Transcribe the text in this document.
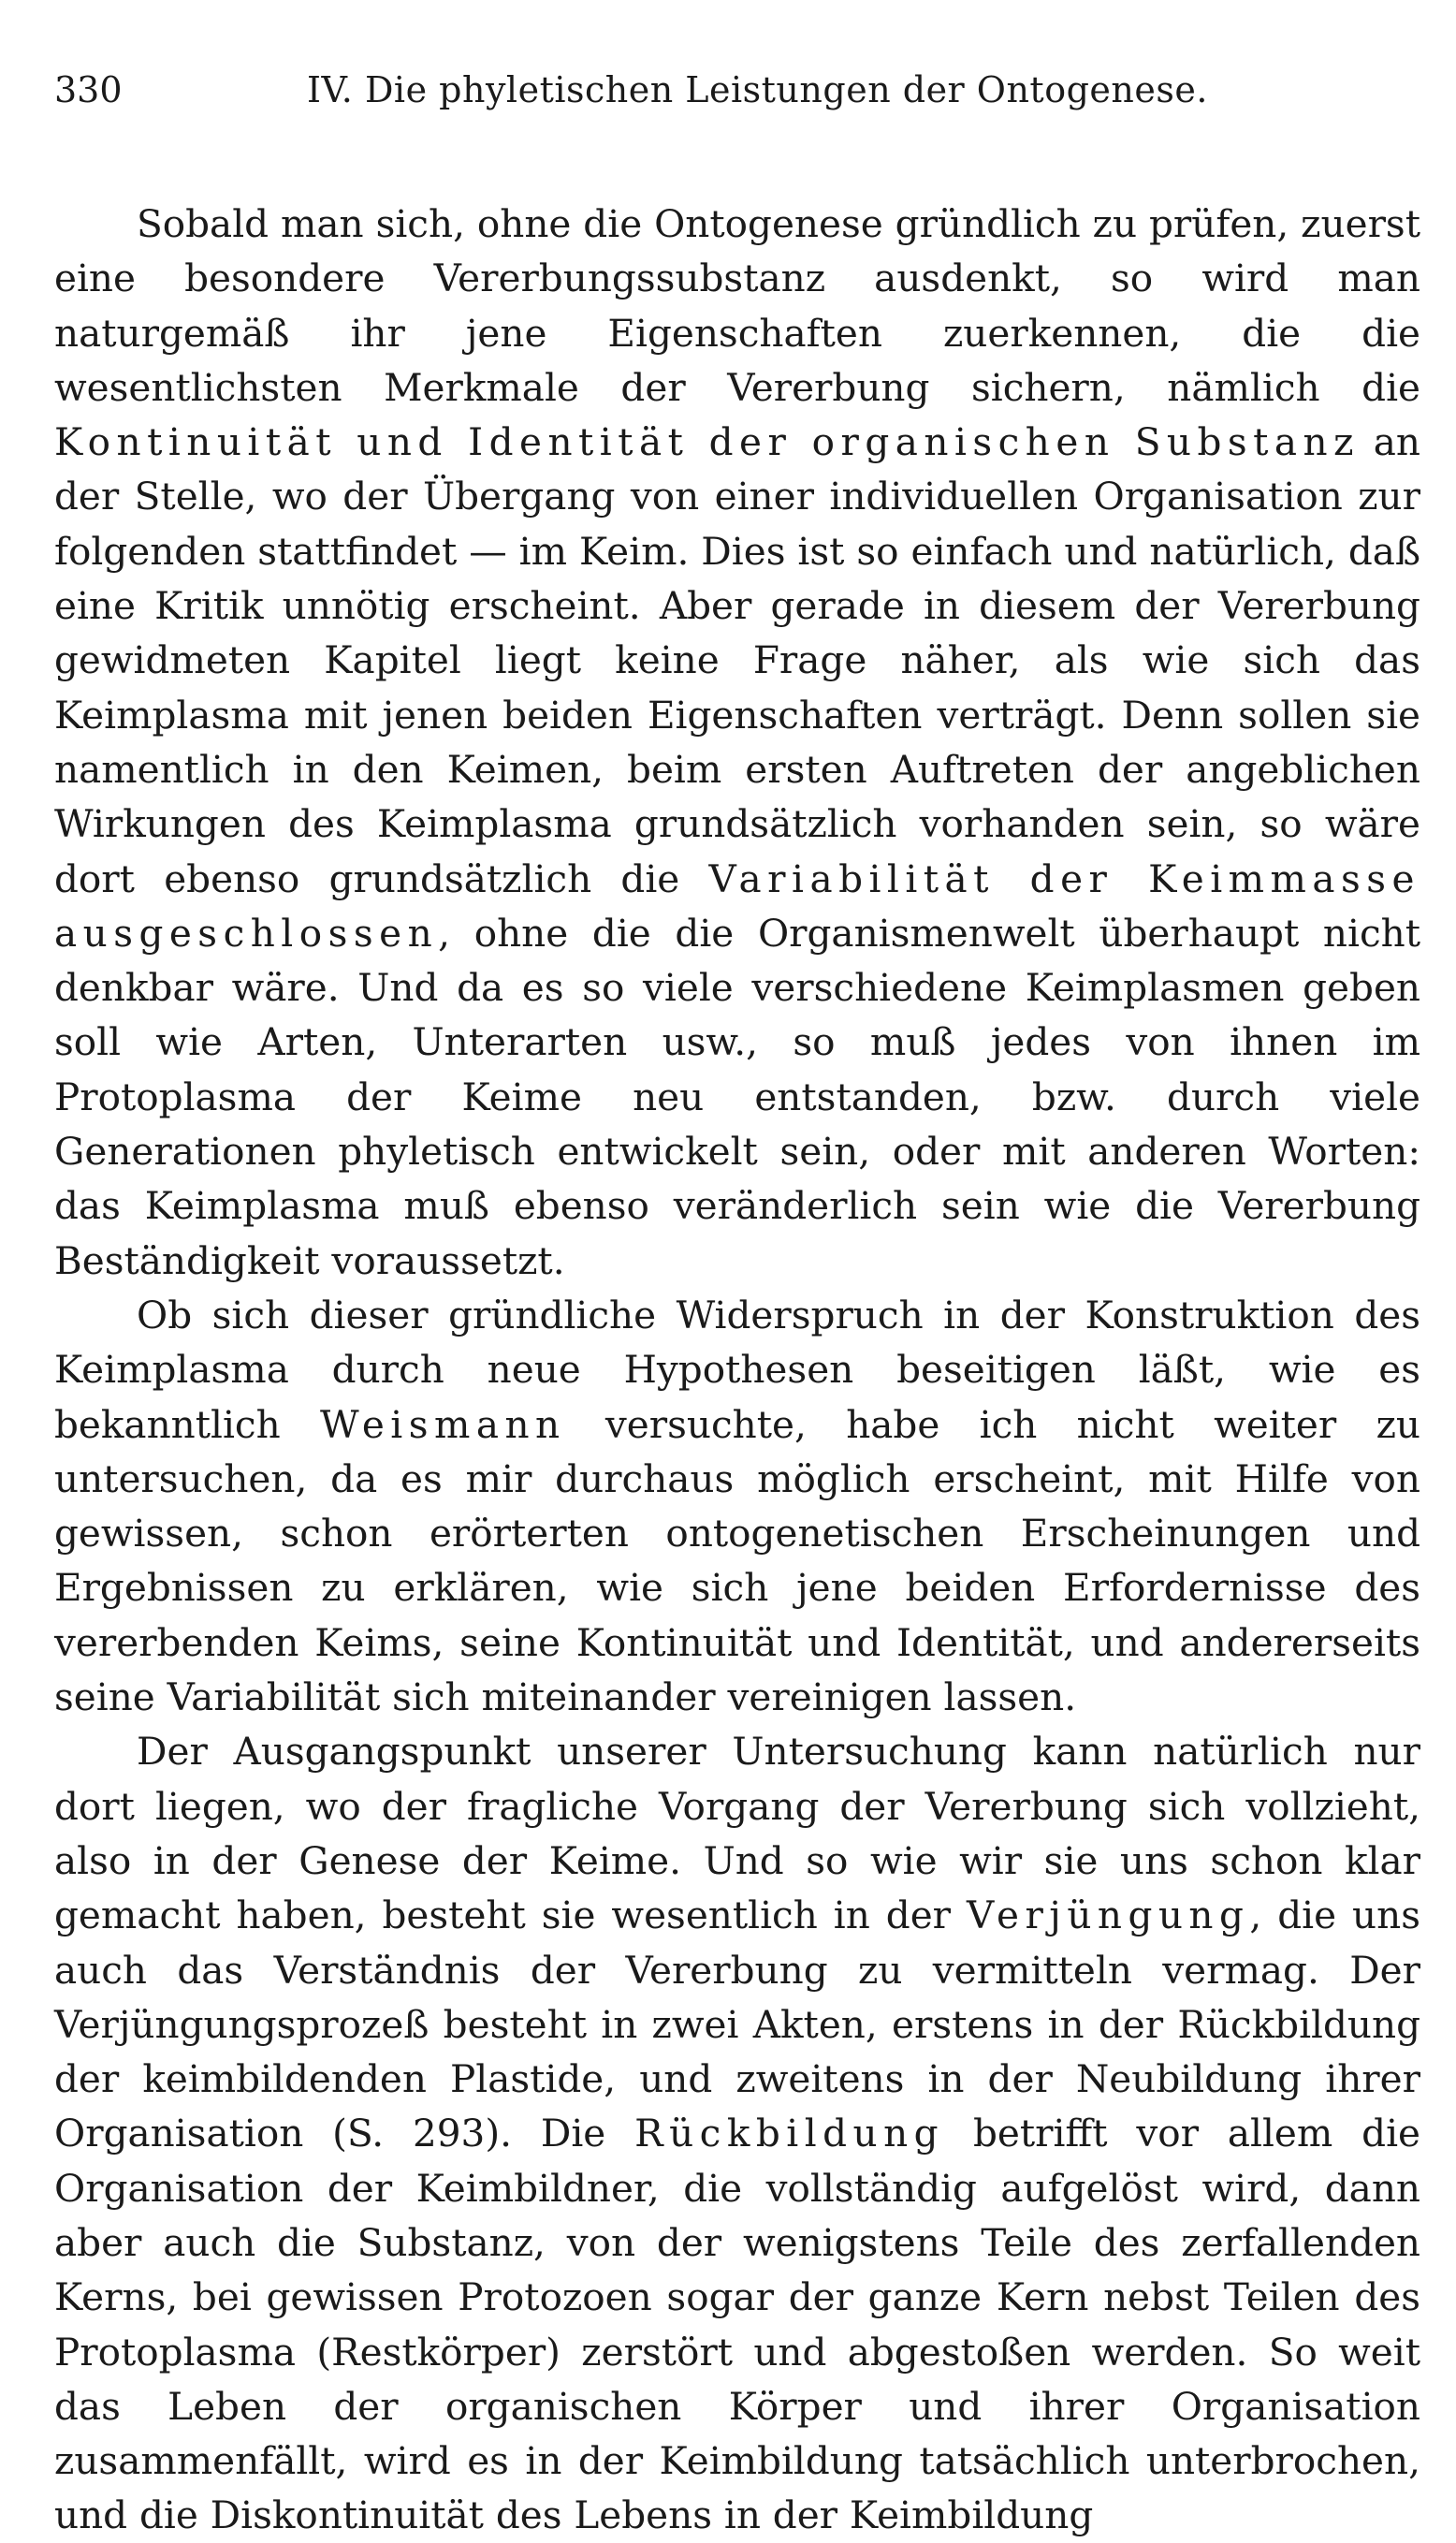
330	IV. Die phyletischen Leistungen der Ontogenese.

Sobald man sich, ohne die Ontogenese gründlich zu prüfen, zuerst eine besondere Vererbungssubstanz ausdenkt, so wird man naturgemäß ihr jene Eigenschaften zuerkennen, die die wesentlichsten Merkmale der Vererbung sichern, nämlich die Kontinuität und Identität der organischen Substanz an der Stelle, wo der Übergang von einer individuellen Organisation zur folgenden stattfindet — im Keim. Dies ist so einfach und natürlich, daß eine Kritik unnötig erscheint. Aber gerade in diesem der Vererbung gewidmeten Kapitel liegt keine Frage näher, als wie sich das Keimplasma mit jenen beiden Eigenschaften verträgt. Denn sollen sie namentlich in den Keimen, beim ersten Auftreten der angeblichen Wirkungen des Keimplasma grundsätzlich vorhanden sein, so wäre dort ebenso grundsätzlich die Variabilität der Keimmasse ausgeschlossen, ohne die die Organismenwelt überhaupt nicht denkbar wäre. Und da es so viele verschiedene Keimplasmen geben soll wie Arten, Unterarten usw., so muß jedes von ihnen im Protoplasma der Keime neu entstanden, bzw. durch viele Generationen phyletisch entwickelt sein, oder mit anderen Worten: das Keimplasma muß ebenso veränderlich sein wie die Vererbung Beständigkeit voraussetzt.

Ob sich dieser gründliche Widerspruch in der Konstruktion des Keimplasma durch neue Hypothesen beseitigen läßt, wie es bekanntlich Weismann versuchte, habe ich nicht weiter zu untersuchen, da es mir durchaus möglich erscheint, mit Hilfe von gewissen, schon erörterten ontogenetischen Erscheinungen und Ergebnissen zu erklären, wie sich jene beiden Erfordernisse des vererbenden Keims, seine Kontinuität und Identität, und andererseits seine Variabilität sich miteinander vereinigen lassen.

Der Ausgangspunkt unserer Untersuchung kann natürlich nur dort liegen, wo der fragliche Vorgang der Vererbung sich vollzieht, also in der Genese der Keime. Und so wie wir sie uns schon klar gemacht haben, besteht sie wesentlich in der Verjüngung, die uns auch das Verständnis der Vererbung zu vermitteln vermag. Der Verjüngungsprozeß besteht in zwei Akten, erstens in der Rückbildung der keimbildenden Plastide, und zweitens in der Neubildung ihrer Organisation (S. 293). Die Rückbildung betrifft vor allem die Organisation der Keimbildner, die vollständig aufgelöst wird, dann aber auch die Substanz, von der wenigstens Teile des zerfallenden Kerns, bei gewissen Protozoen sogar der ganze Kern nebst Teilen des Protoplasma (Restkörper) zerstört und abgestoßen werden. So weit das Leben der organischen Körper und ihrer Organisation zusammenfällt, wird es in der Keimbildung tatsächlich unterbrochen, und die Diskontinuität des Lebens in der Keimbildung
